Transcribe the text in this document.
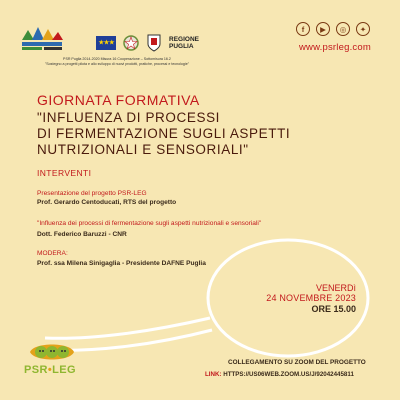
PSR Puglia 2014-2020 Misura 16 Cooperazione – Sottomisura 16.2
"Sostegno a progetti pilota e allo sviluppo di nuovi prodotti, pratiche, processi e tecnologie"
★★★	REGIONE
PUGLIA
f	▶	◎	✦
www.psrleg.com
GIORNATA FORMATIVA
"INFLUENZA DI PROCESSI
DI FERMENTAZIONE SUGLI ASPETTI
NUTRIZIONALI E SENSORIALI"
INTERVENTI
Presentazione del progetto PSR-LEG
Prof. Gerardo Centoducati, RTS del progetto
"Influenza dei processi di fermentazione sugli aspetti nutrizionali e sensoriali"
Dott. Federico Baruzzi - CNR
MODERA:
Prof. ssa Milena Sinigaglia - Presidente DAFNE Puglia
VENERDì
24 NOVEMBRE 2023
ORE 15.00
PSR•LEG
COLLEGAMENTO SU ZOOM DEL PROGETTO
LINK: HTTPS://US06WEB.ZOOM.US/J/92042445811
